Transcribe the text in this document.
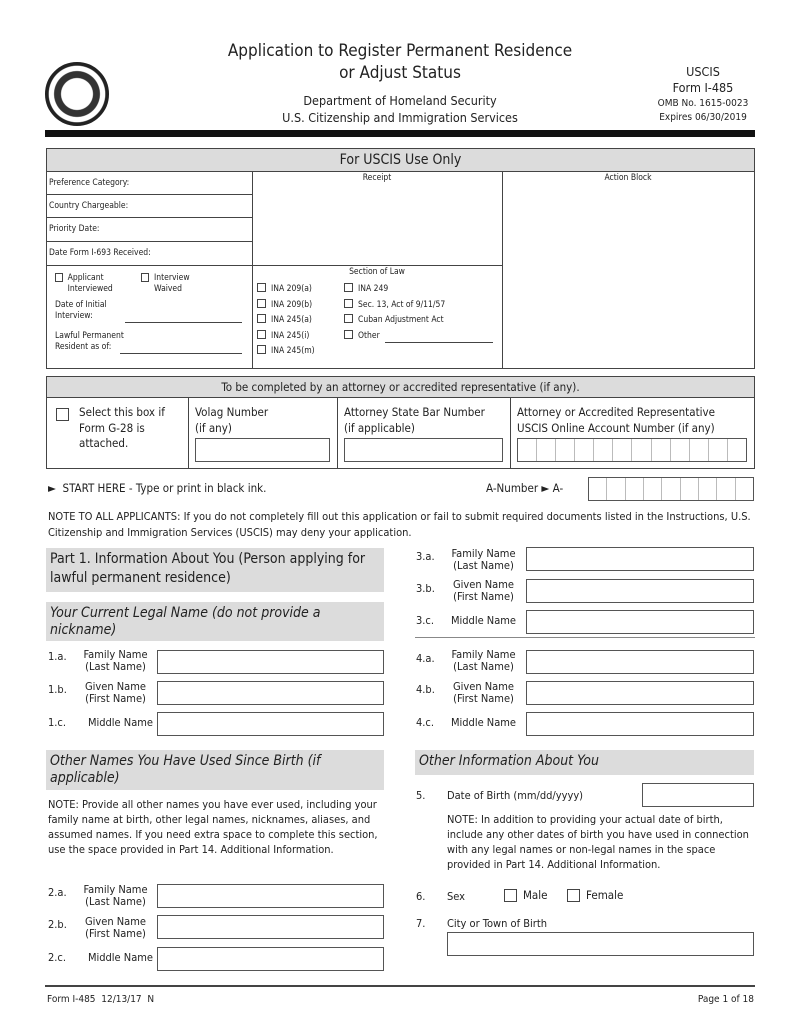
Application to Register Permanent Residence
or Adjust Status
Department of Homeland Security
U.S. Citizenship and Immigration Services
USCIS
Form I-485
OMB No. 1615-0023
Expires 06/30/2019
For USCIS Use Only
Preference Category:
Country Chargeable:
Priority Date:
Date Form I-693 Received:
Receipt	Action Block
Applicant Interviewed
Interview Waived
Date of Initial Interview:
Lawful Permanent Resident as of:
Section of Law
INA 209(a)
INA 209(b)
INA 245(a)
INA 245(i)
INA 245(m)
INA 249
Sec. 13, Act of 9/11/57
Cuban Adjustment Act
Other
To be completed by an attorney or accredited representative (if any).
Select this box if Form G-28 is attached.
Volag Number
(if any)
Attorney State Bar Number
(if applicable)
Attorney or Accredited Representative
USCIS Online Account Number (if any)
►  START HERE - Type or print in black ink.	A-Number ► A-
NOTE TO ALL APPLICANTS: If you do not completely fill out this application or fail to submit required documents listed in the Instructions, U.S. Citizenship and Immigration Services (USCIS) may deny your application.
Part 1. Information About You (Person applying for lawful permanent residence)
Your Current Legal Name (do not provide a nickname)
1.a.	Family Name (Last Name)
1.b.	Given Name (First Name)
1.c.	Middle Name
Other Names You Have Used Since Birth (if applicable)
NOTE: Provide all other names you have ever used, including your family name at birth, other legal names, nicknames, aliases, and assumed names. If you need extra space to complete this section, use the space provided in Part 14. Additional Information.
2.a.	Family Name (Last Name)
2.b.	Given Name (First Name)
2.c.	Middle Name
3.a.	Family Name (Last Name)
3.b.	Given Name (First Name)
3.c.	Middle Name
4.a.	Family Name (Last Name)
4.b.	Given Name (First Name)
4.c.	Middle Name
Other Information About You
5. Date of Birth (mm/dd/yyyy)
NOTE: In addition to providing your actual date of birth, include any other dates of birth you have used in connection with any legal names or non-legal names in the space provided in Part 14. Additional Information.
6. Sex	Male	Female
7. City or Town of Birth
Form I-485  12/13/17  N	Page 1 of 18
